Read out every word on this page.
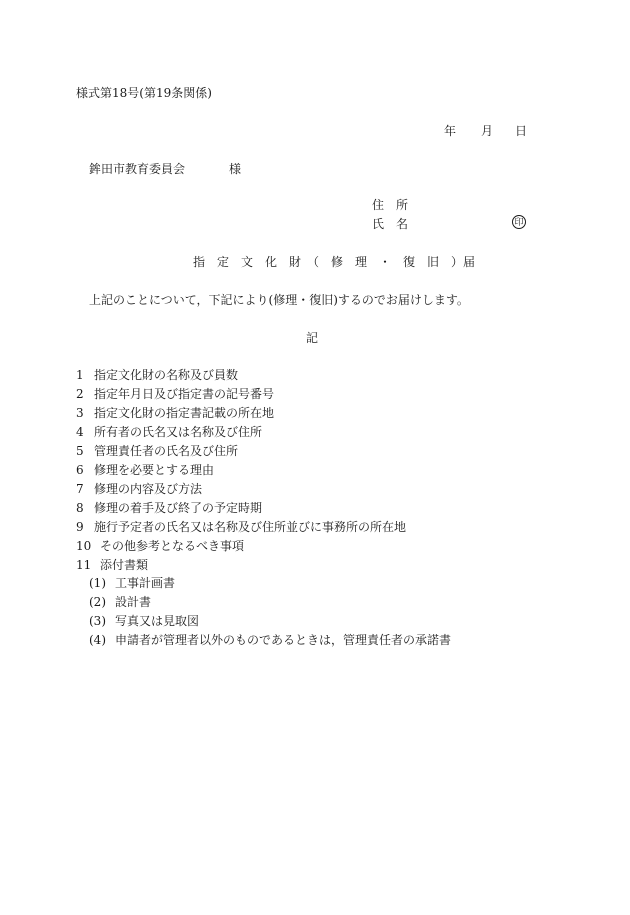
様式第18号(第19条関係)
年 月 日
鉾田市教育委員会	様
住　所
氏　名	印
指　定　文　化　財　（　修　理　・　復　旧　）届
上記のことについて，下記により(修理・復旧)するのでお届けします。
記
1 指定文化財の名称及び員数
2 指定年月日及び指定書の記号番号
3 指定文化財の指定書記載の所在地
4 所有者の氏名又は名称及び住所
5 管理責任者の氏名及び住所
6 修理を必要とする理由
7 修理の内容及び方法
8 修理の着手及び終了の予定時期
9 施行予定者の氏名又は名称及び住所並びに事務所の所在地
10 その他参考となるべき事項
11 添付書類
(1) 工事計画書
(2) 設計書
(3) 写真又は見取図
(4) 申請者が管理者以外のものであるときは，管理責任者の承諾書
